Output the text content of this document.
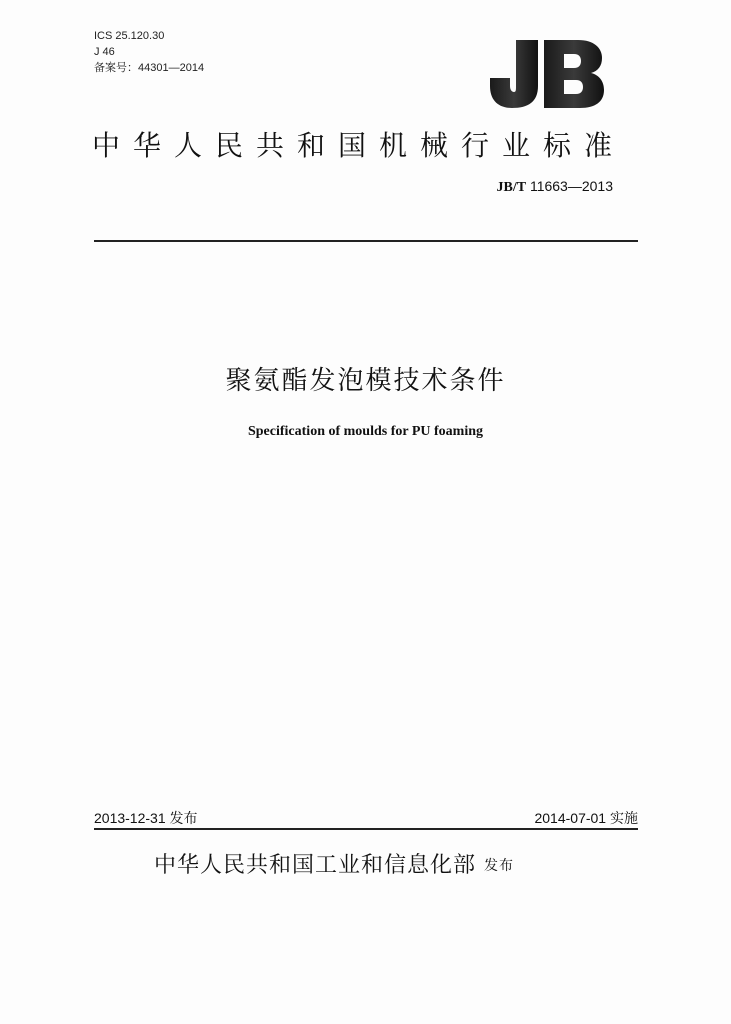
ICS 25.120.30
J 46
备案号：44301—2014
中华人民共和国机械行业标准
JB/T 11663—2013
聚氨酯发泡模技术条件
Specification of moulds for PU foaming
2013-12-31 发布	2014-07-01 实施
中华人民共和国工业和信息化部 发布
